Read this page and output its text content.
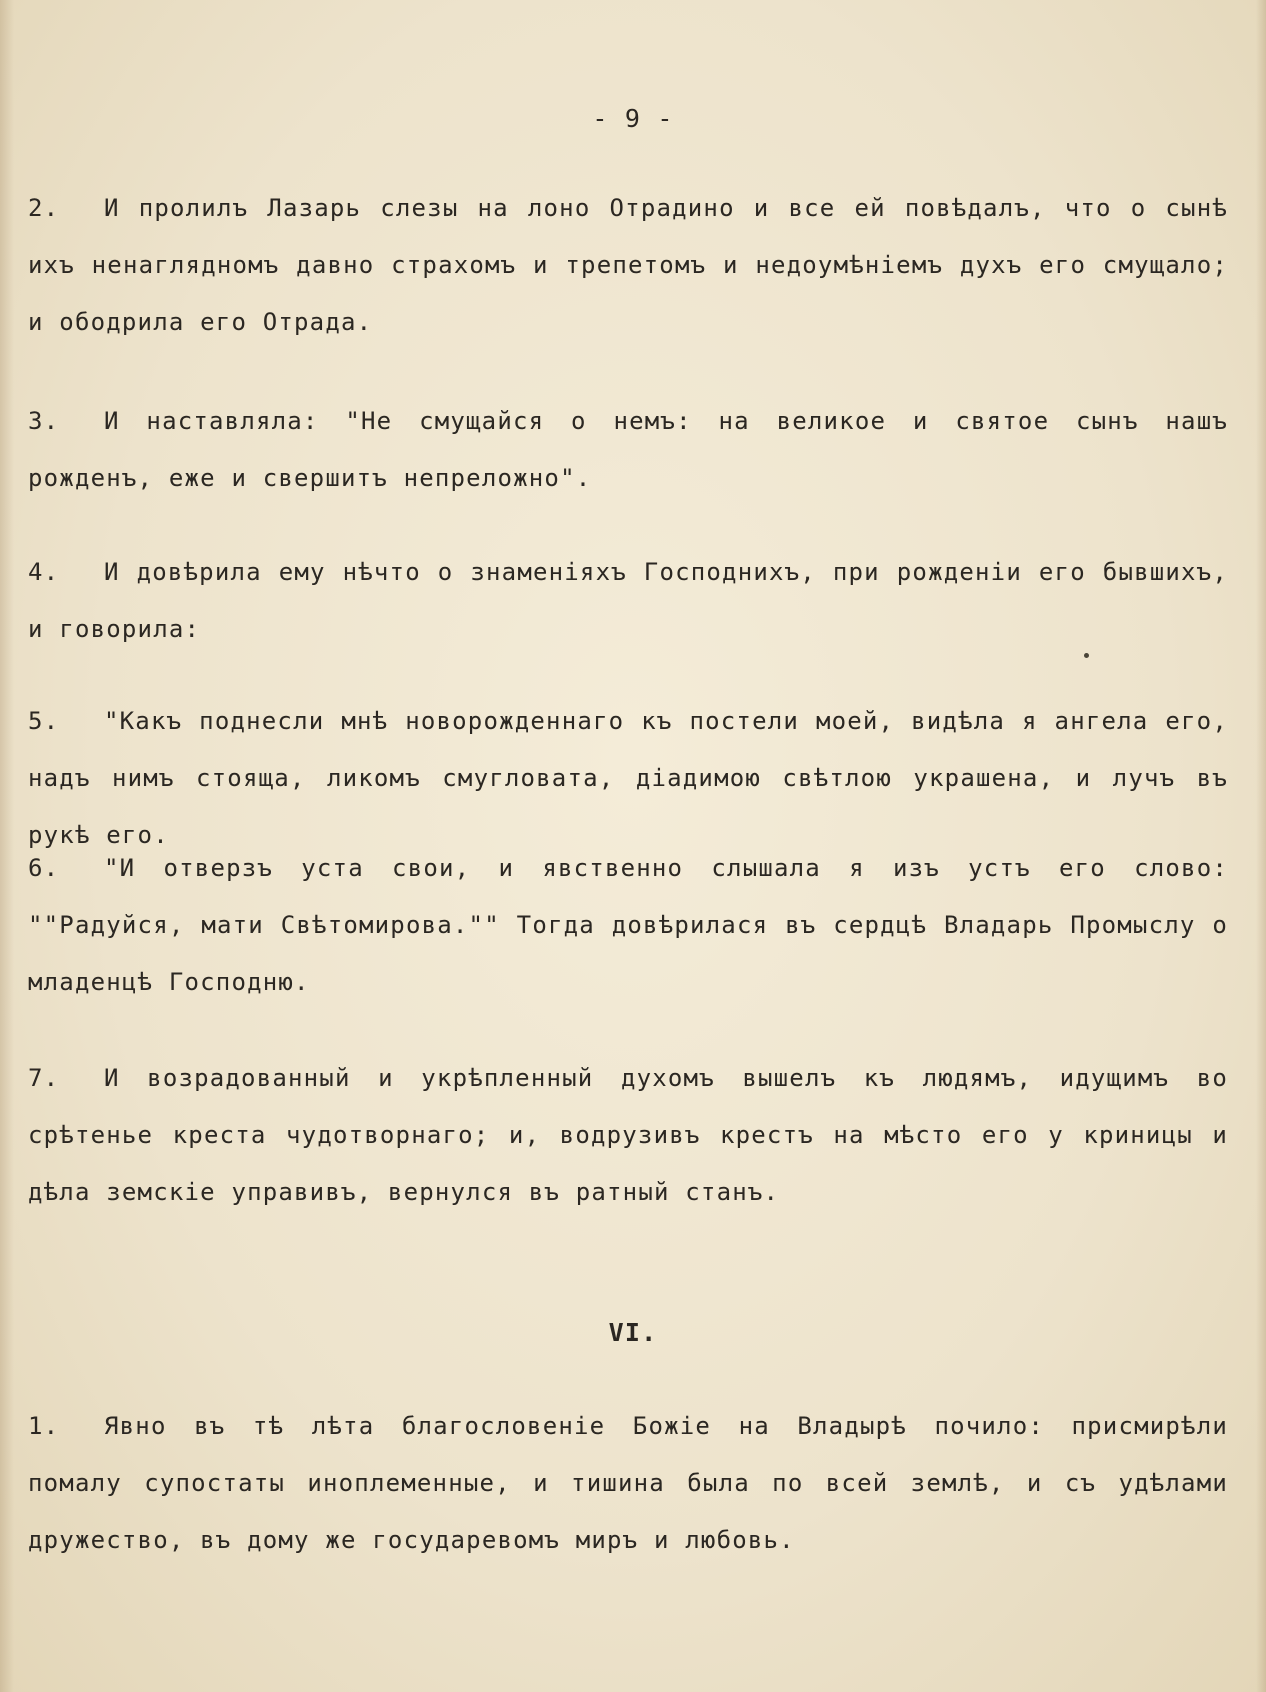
- 9 -
2. И пролилъ Лазарь слезы на лоно Отрадино и все ей повѣдалъ, что о сынѣ ихъ ненаглядномъ давно страхомъ и трепетомъ и недоумѣніемъ духъ его смущало; и ободрила его Отрада.
3. И наставляла: "Не смущайся о немъ: на великое и святое сынъ нашъ рожденъ, еже и свершитъ непреложно".
4. И довѣрила ему нѣчто о знаменіяхъ Господнихъ, при рожденіи его бывшихъ, и говорила:
5. "Какъ поднесли мнѣ новорожденнаго къ постели моей, видѣла я ангела его, надъ нимъ стояща, ликомъ смугловата, діадимою свѣтлою украшена, и лучъ въ рукѣ его.
6. "И отверзъ уста свои, и явственно слышала я изъ устъ его слово: ""Радуйся, мати Свѣтомирова."" Тогда довѣрилася въ сердцѣ Владарь Промыслу о младенцѣ Господню.
7. И возрадованный и укрѣпленный духомъ вышелъ къ людямъ, идущимъ во срѣтенье креста чудотворнаго; и, водрузивъ крестъ на мѣсто его у криницы и дѣла земскіе управивъ, вернулся въ ратный станъ.
VI.
1. Явно въ тѣ лѣта благословеніе Божіе на Владырѣ почило: присмирѣли помалу супостаты иноплеменные, и тишина была по всей землѣ, и съ удѣлами дружество, въ дому же государевомъ миръ и любовь.
